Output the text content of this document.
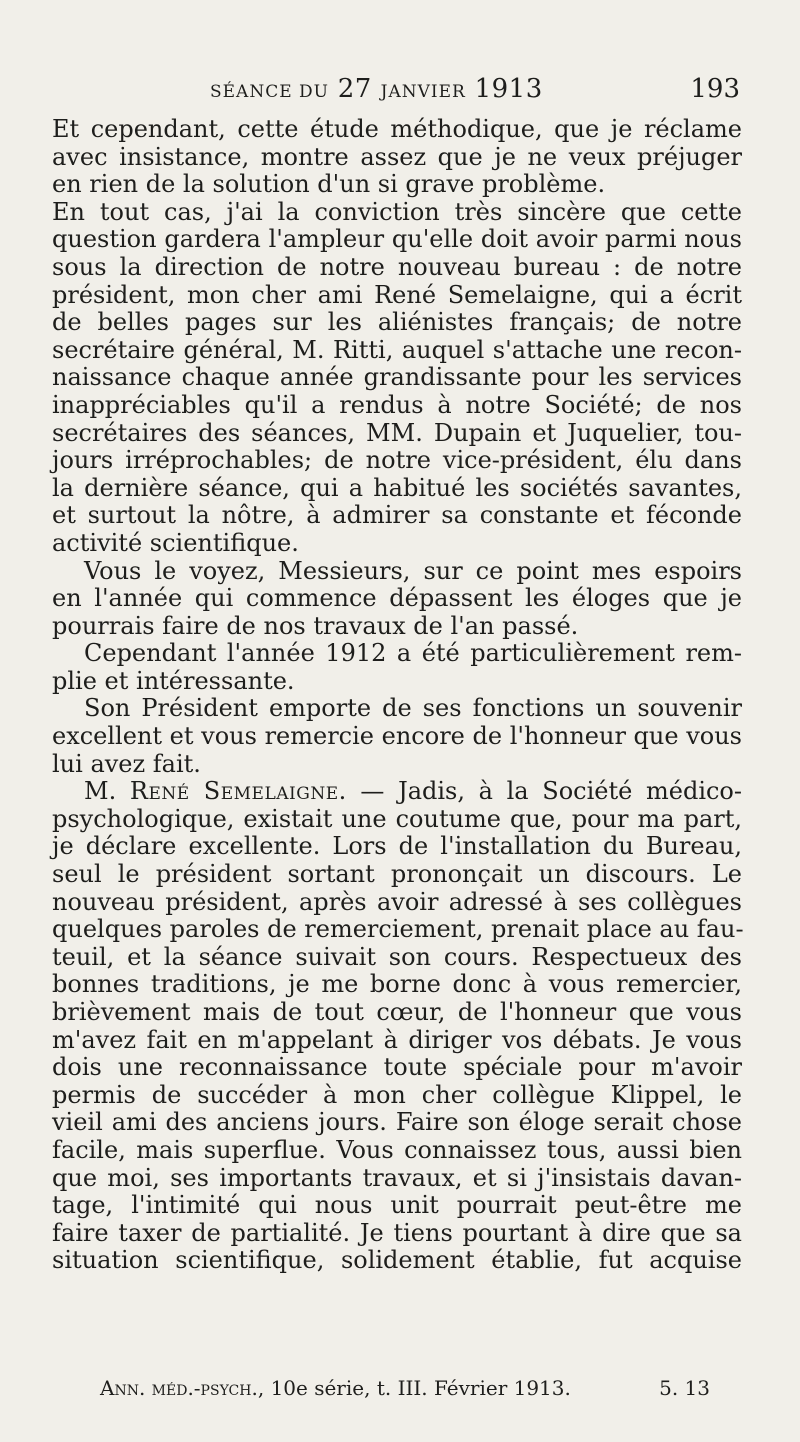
SÉANCE DU 27 JANVIER 1913	193
Et cependant, cette étude méthodique, que je réclame
avec insistance, montre assez que je ne veux préjuger
en rien de la solution d'un si grave problème.
En tout cas, j'ai la conviction très sincère que cette
question gardera l'ampleur qu'elle doit avoir parmi nous
sous la direction de notre nouveau bureau : de notre
président, mon cher ami René Semelaigne, qui a écrit
de belles pages sur les aliénistes français; de notre
secrétaire général, M. Ritti, auquel s'attache une recon-
naissance chaque année grandissante pour les services
inappréciables qu'il a rendus à notre Société; de nos
secrétaires des séances, MM. Dupain et Juquelier, tou-
jours irréprochables; de notre vice-président, élu dans
la dernière séance, qui a habitué les sociétés savantes,
et surtout la nôtre, à admirer sa constante et féconde
activité scientifique.
Vous le voyez, Messieurs, sur ce point mes espoirs
en l'année qui commence dépassent les éloges que je
pourrais faire de nos travaux de l'an passé.
Cependant l'année 1912 a été particulièrement rem-
plie et intéressante.
Son Président emporte de ses fonctions un souvenir
excellent et vous remercie encore de l'honneur que vous
lui avez fait.
M. René Semelaigne. — Jadis, à la Société médico-
psychologique, existait une coutume que, pour ma part,
je déclare excellente. Lors de l'installation du Bureau,
seul le président sortant prononçait un discours. Le
nouveau président, après avoir adressé à ses collègues
quelques paroles de remerciement, prenait place au fau-
teuil, et la séance suivait son cours. Respectueux des
bonnes traditions, je me borne donc à vous remercier,
brièvement mais de tout cœur, de l'honneur que vous
m'avez fait en m'appelant à diriger vos débats. Je vous
dois une reconnaissance toute spéciale pour m'avoir
permis de succéder à mon cher collègue Klippel, le
vieil ami des anciens jours. Faire son éloge serait chose
facile, mais superflue. Vous connaissez tous, aussi bien
que moi, ses importants travaux, et si j'insistais davan-
tage, l'intimité qui nous unit pourrait peut-être me
faire taxer de partialité. Je tiens pourtant à dire que sa
situation scientifique, solidement établie, fut acquise
Ann. méd.-psych., 10e série, t. III. Février 1913.	5. 13
